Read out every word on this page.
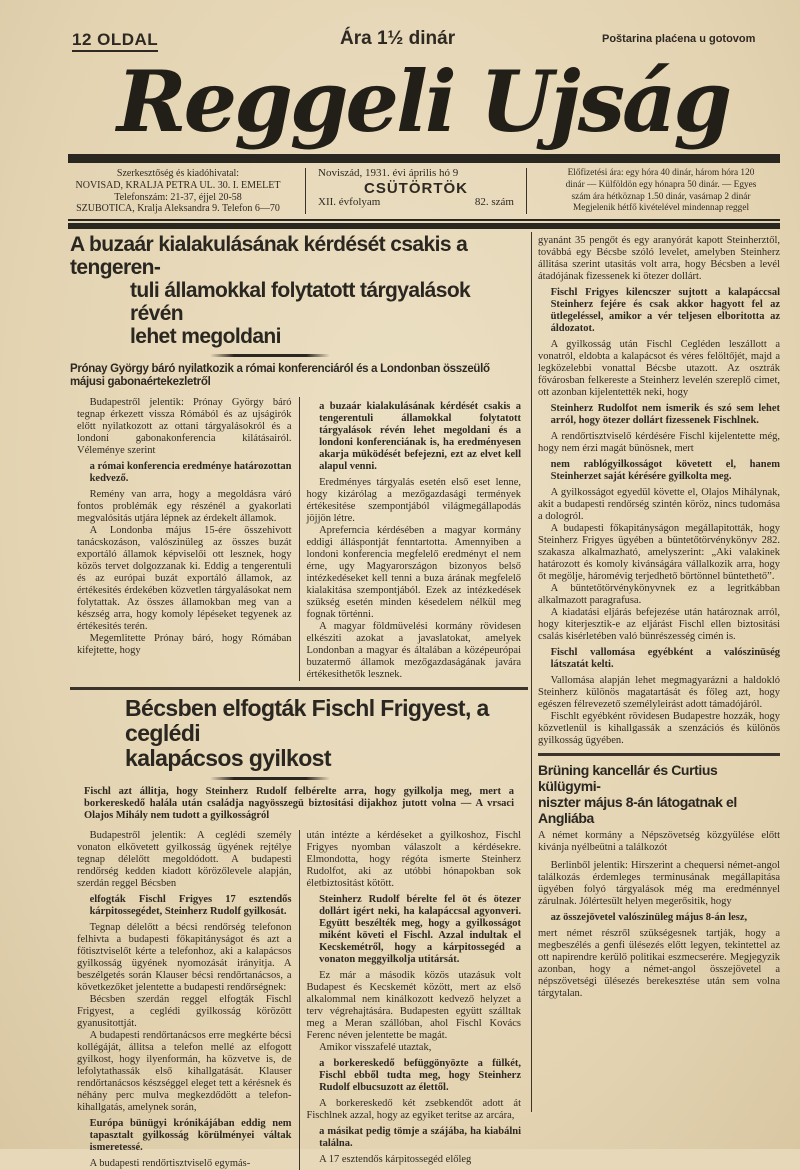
12 OLDAL	Ára 1½ dinár	Poštarina plaćena u gotovom
Reggeli Ujság
Szerkesztőség és kiadóhivatal:
NOVISAD, KRALJA PETRA UL. 30. I. EMELET
Telefonszám: 21-37, éjjel 20-58
SZUBOTICA, Kralja Aleksandra 9. Telefon 6—70
Noviszád, 1931. évi április hó 9
CSÜTÖRTÖK
XII. évfolyam	82. szám
Előfizetési ára: egy hóra 40 dinár, három hóra 120
dinár — Külföldön egy hónapra 50 dinár. — Egyes
szám ára hétköznap 1.50 dinár, vasárnap 2 dinár
Megjelenik hétfő kivételével mindennap reggel
A buzaár kialakulásának kérdését csakis a tengeren-
tuli államokkal folytatott tárgyalások révén
lehet megoldani
Prónay György báró nyilatkozik a római konferenciáról és a Londonban összeülő
májusi gabonaértekezletről

Budapestről jelentik: Prónay György báró tegnap érkezett vissza Rómából és az ujságirók előtt nyilatkozott az ottani tárgyalásokról és a londoni gabonakonferencia kilátásairól. Véleménye szerint

a római konferencia eredménye határozottan kedvező.

Remény van arra, hogy a megoldásra váró fontos problémák egy részénél a gyakorlati megvalósitás utjára lépnek az érdekelt államok.

A Londonba május 15-ére összehivott tanácskozáson, valószinüleg az összes buzát exportáló államok képviselői ott lesznek, hogy közös tervet dolgozzanak ki. Eddig a tengerentuli és az európai buzát exportáló államok, az értékesités érdekében közvetlen tárgyalásokat nem folytattak. Az összes államokban meg van a készség arra, hogy komoly lépéseket tegyenek az értékesités terén.

Megemlitette Prónay báró, hogy Rómában kifejtette, hogy

a buzaár kialakulásának kérdését csakis a tengerentuli államokkal folytatott tárgyalások révén lehet megoldani és a londoni konferenciának is, ha eredményesen akarja müködését befejezni, ezt az elvet kell alapul venni.

Eredményes tárgyalás esetén első eset lenne, hogy kizárólag a mezőgazdasági termények értékesitése szempontjából világmegállapodás jöjjön létre.

Apreferncia kérdésében a magyar kormány eddigi álláspontját fenntartotta. Amennyiben a londoni konferencia megfelelő eredményt el nem érne, ugy Magyarországon bizonyos belső intézkedéseket kell tenni a buza árának megfelelő kialakitása szempontjából. Ezek az intézkedések szükség esetén minden késedelem nélkül meg fognak történni.

A magyar földmüvelési kormány rövidesen elkésziti azokat a javaslatokat, amelyek Londonban a magyar és általában a középeurópai buzatermő államok mezőgazdaságának javára értékesithetők lesznek.

Bécsben elfogták Fischl Frigyest, a ceglédi
kalapácsos gyilkost
Fischl azt állitja, hogy Steinherz Rudolf felbérelte arra, hogy gyilkolja meg, mert a borkereskedő halála után családja nagyösszegü biztositási dijakhoz jutott volna — A vrsaci Olajos Mihály nem tudott a gyilkosságról

Budapestről jelentik: A ceglédi személy vonaton elkövetett gyilkosság ügyének rejtélye tegnap délelőtt megoldódott. A budapesti rendőrség kedden kiadott körözőlevele alapján, szerdán reggel Bécsben

elfogták Fischl Frigyes 17 esztendős kárpitossegédet, Steinherz Rudolf gyilkosát.

Tegnap délelőtt a bécsi rendőrség telefonon felhivta a budapesti főkapitányságot és azt a főtisztviselőt kérte a telefonhoz, aki a kalapácsos gyilkosság ügyének nyomozását irányitja. A beszélgetés során Klauser bécsi rendőrtanácsos, a következőket jelentette a budapesti rendőrségnek:

Bécsben szerdán reggel elfogták Fischl Frigyest, a ceglédi gyilkosság körözött gyanusitottját.

A budapesti rendőrtanácsos erre megkérte bécsi kollégáját, állitsa a telefon mellé az elfogott gyilkost, hogy ilyenformán, ha közvetve is, de lefolytathassák első kihallgatását. Klauser rendőrtanácsos készséggel eleget tett a kérésnek és néhány perc mulva megkezdődött a telefon-kihallgatás, amelynek során,

Európa bünügyi krónikájában eddig nem tapasztalt gyilkosság körülményei váltak ismeretessé.

A budapesti rendőrtisztviselő egymás-

után intézte a kérdéseket a gyilkoshoz, Fischl Frigyes nyomban válaszolt a kérdésekre. Elmondotta, hogy régóta ismerte Steinherz Rudolfot, aki az utóbbi hónapokban sok életbiztositást kötött.

Steinherz Rudolf bérelte fel öt és ötezer dollárt igért neki, ha kalapáccsal agyonveri. Együtt beszélték meg, hogy a gyilkosságot miként követi el Fischl. Azzal indultak el Kecskemétről, hogy a kárpitossegéd a vonaton meggyilkolja utitársát.

Ez már a második közös utazásuk volt Budapest és Kecskemét között, mert az első alkalommal nem kinálkozott kedvező helyzet a terv végrehajtására. Budapesten együtt szálltak meg a Meran szállóban, ahol Fischl Kovács Ferenc néven jelentette be magát.

Amikor visszafelé utaztak,

a borkereskedő befüggönyözte a fülkét, Fischl ebből tudta meg, hogy Steinherz Rudolf elbucsuzott az élettől.

A borkereskedő két zsebkendőt adott át Fischlnek azzal, hogy az egyiket teritse az arcára,

a másikat pedig tömje a szájába, ha kiabálni találna.

A 17 esztendős kárpitossegéd előleg

gyanánt 35 pengőt és egy aranyórát kapott Steinherztől, továbbá egy Bécsbe szóló levelet, amelyben Steinherz állitása szerint utasitás volt arra, hogy Bécsben a levél átadójának fizessenek ki ötezer dollárt.

Fischl Frigyes kilencszer sujtott a kalapáccsal Steinherz fejére és csak akkor hagyott fel az ütlegeléssel, amikor a vér teljesen elboritotta az áldozatot.

A gyilkosság után Fischl Cegléden leszállott a vonatról, eldobta a kalapácsot és véres felöltőjét, majd a legközelebbi vonattal Bécsbe utazott. Az osztrák fővárosban felkereste a Steinherz levelén szereplő cimet, ott azonban kijelentették neki, hogy

Steinherz Rudolfot nem ismerik és szó sem lehet arról, hogy ötezer dollárt fizessenek Fischlnek.

A rendőrtisztviselő kérdésére Fischl kijelentette még, hogy nem érzi magát bünösnek, mert

nem rablógyilkosságot követett el, hanem Steinherzet saját kérésére gyilkolta meg.

A gyilkosságot egyedül követte el, Olajos Mihálynak, akit a budapesti rendőrség szintén köröz, nincs tudomása a dologról.

A budapesti főkapitányságon megállapitották, hogy Steinherz Frigyes ügyében a büntetőtörvénykönyv 282. szakasza alkalmazható, amelyszerint: „Aki valakinek határozott és komoly kivánságára vállalkozik arra, hogy őt megölje, háromévig terjedhető börtönnel büntethető”.

A büntetőtörvénykönyvnek ez a legritkábban alkalmazott paragrafusa.

A kiadatási eljárás befejezése után határoznak arról, hogy kiterjesztik-e az eljárást Fischl ellen biztositási csalás kisérletében való bünrészesség cimén is.

Fischl vallomása egyébként a valószinüség látszatát kelti.

Vallomása alapján lehet megmagyarázni a haldokló Steinherz különös magatartását és főleg azt, hogy egészen félrevezető személyleirást adott támadójáról.

Fischlt egyébként rövidesen Budapestre hozzák, hogy közvetlenül is kihallgassák a szenzációs és különös gyilkosság ügyében.

Brüning kancellár és Curtius külügymi-
niszter május 8-án látogatnak el Angliába
A német kormány a Népszövetség közgyülése előtt kivánja nyélbeütni a találkozót

Berlinből jelentik: Hirszerint a chequersi német-angol találkozás érdemleges terminusának megállapitása ügyében folyó tárgyalások még ma eredménnyel zárulnak. Jólértesült helyen megerősitik, hogy

az összejövetel valószinüleg május 8-án lesz,

mert német részről szükségesnek tartják, hogy a megbeszélés a genfi ülésezés előtt legyen, tekintettel az ott napirendre kerülő politikai eszmecserére. Megjegyzik azonban, hogy a német-angol összejövetel a népszövetségi ülésezés berekesztése után sem volna tárgytalan.
